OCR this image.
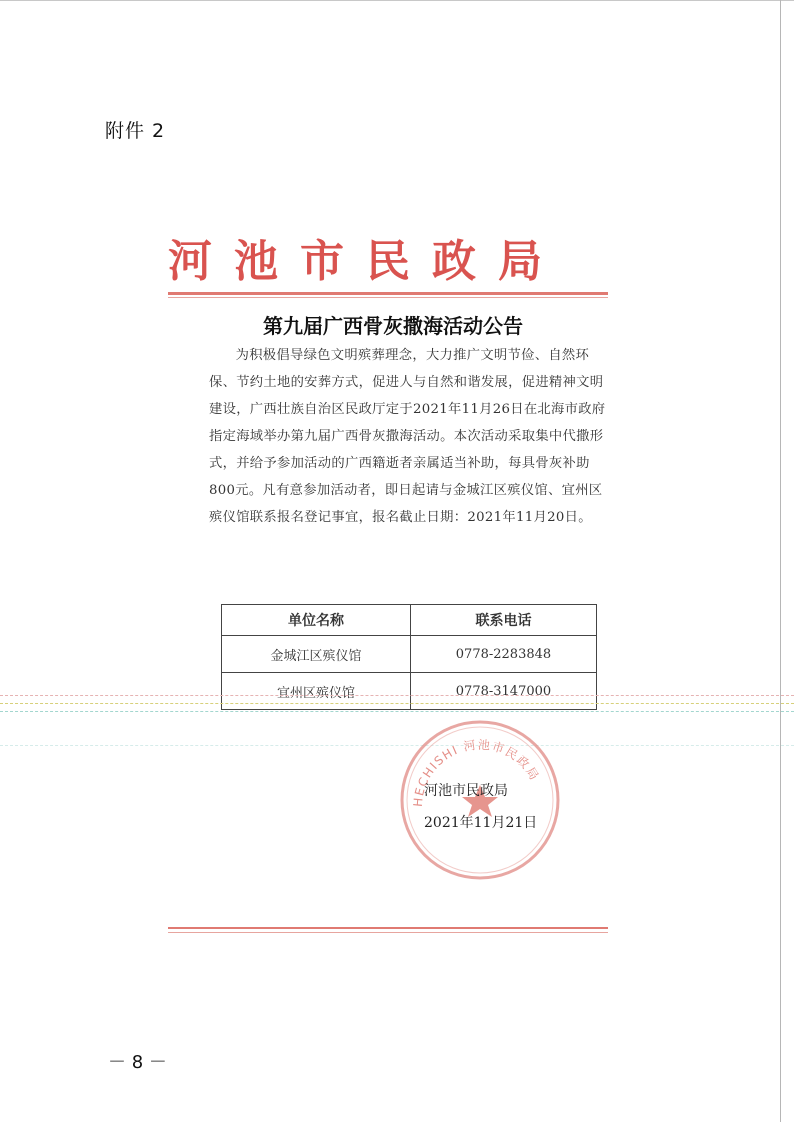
附件 2
河池市民政局
第九届广西骨灰撒海活动公告
为积极倡导绿色文明殡葬理念，大力推广文明节俭、自然环保、节约土地的安葬方式，促进人与自然和谐发展，促进精神文明建设，广西壮族自治区民政厅定于2021年11月26日在北海市政府指定海域举办第九届广西骨灰撒海活动。本次活动采取集中代撒形式，并给予参加活动的广西籍逝者亲属适当补助，每具骨灰补助800元。凡有意参加活动者，即日起请与金城江区殡仪馆、宜州区殡仪馆联系报名登记事宜，报名截止日期：2021年11月20日。
单位名称	联系电话
金城江区殡仪馆	0778-2283848
宜州区殡仪馆	0778-3147000
HECHISHI 河池市民政局
河池市民政局
2021年11月21日
－ 8 －
